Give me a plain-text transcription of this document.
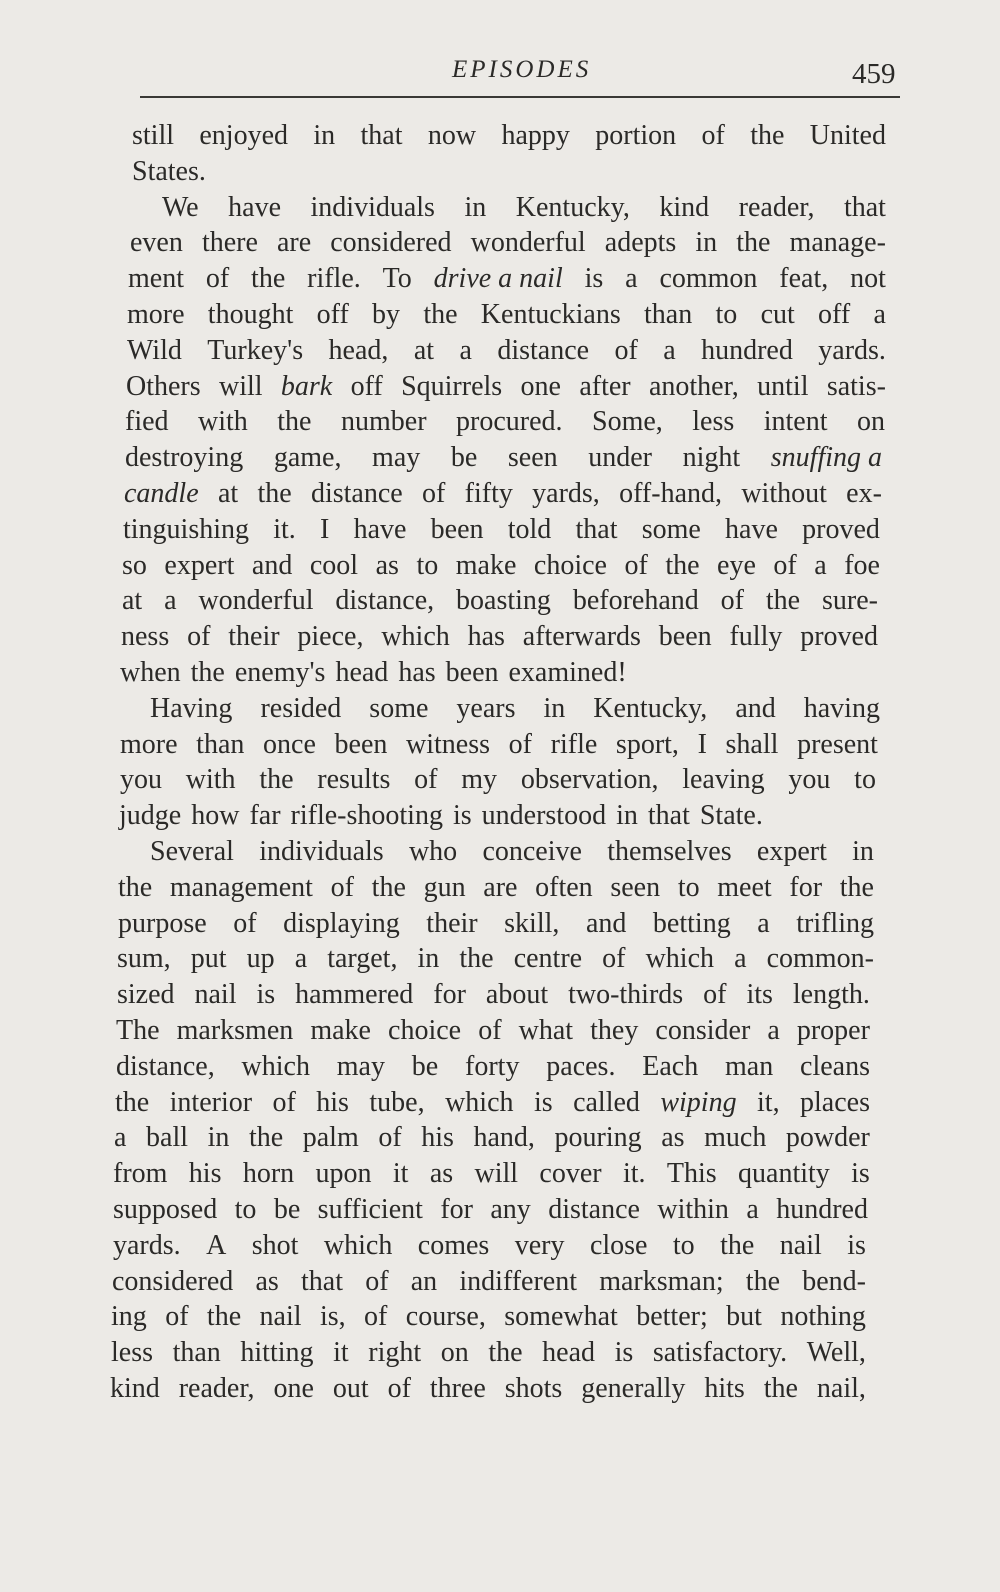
EPISODES	459
still enjoyed in that now happy portion of the United
States.
We have individuals in Kentucky, kind reader, that
even there are considered wonderful adepts in the manage-
ment of the rifle. To drive a nail is a common feat, not
more thought off by the Kentuckians than to cut off a
Wild Turkey's head, at a distance of a hundred yards.
Others will bark off Squirrels one after another, until satis-
fied with the number procured. Some, less intent on
destroying game, may be seen under night snuffing a
candle at the distance of fifty yards, off-hand, without ex-
tinguishing it. I have been told that some have proved
so expert and cool as to make choice of the eye of a foe
at a wonderful distance, boasting beforehand of the sure-
ness of their piece, which has afterwards been fully proved
when the enemy's head has been examined!
Having resided some years in Kentucky, and having
more than once been witness of rifle sport, I shall present
you with the results of my observation, leaving you to
judge how far rifle-shooting is understood in that State.
Several individuals who conceive themselves expert in
the management of the gun are often seen to meet for the
purpose of displaying their skill, and betting a trifling
sum, put up a target, in the centre of which a common-
sized nail is hammered for about two-thirds of its length.
The marksmen make choice of what they consider a proper
distance, which may be forty paces. Each man cleans
the interior of his tube, which is called wiping it, places
a ball in the palm of his hand, pouring as much powder
from his horn upon it as will cover it. This quantity is
supposed to be sufficient for any distance within a hundred
yards. A shot which comes very close to the nail is
considered as that of an indifferent marksman; the bend-
ing of the nail is, of course, somewhat better; but nothing
less than hitting it right on the head is satisfactory. Well,
kind reader, one out of three shots generally hits the nail,
